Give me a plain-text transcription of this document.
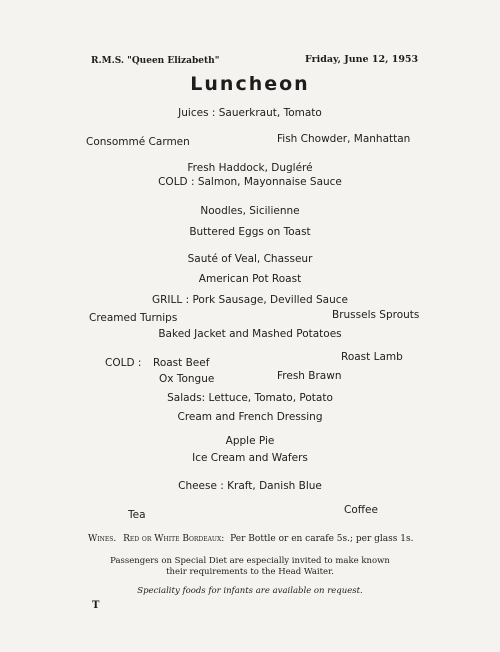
R.M.S. "Queen Elizabeth"	Friday, June 12, 1953
Luncheon
Juices : Sauerkraut, Tomato
Consommé Carmen	Fish Chowder, Manhattan
Fresh Haddock, Dugléré
COLD : Salmon, Mayonnaise Sauce
Noodles, Sicilienne
Buttered Eggs on Toast
Sauté of Veal, Chasseur
American Pot Roast
GRILL : Pork Sausage, Devilled Sauce
Creamed Turnips	Brussels Sprouts
Baked Jacket and Mashed Potatoes
COLD : Roast Beef	Roast Lamb
Ox Tongue	Fresh Brawn
Salads: Lettuce, Tomato, Potato
Cream and French Dressing
Apple Pie
Ice Cream and Wafers
Cheese : Kraft, Danish Blue
Tea	Coffee
Wines. Red or White Bordeaux: Per Bottle or en carafe 5s.; per glass 1s.
Passengers on Special Diet are especially invited to make known
their requirements to the Head Waiter.
Speciality foods for infants are available on request.
T
